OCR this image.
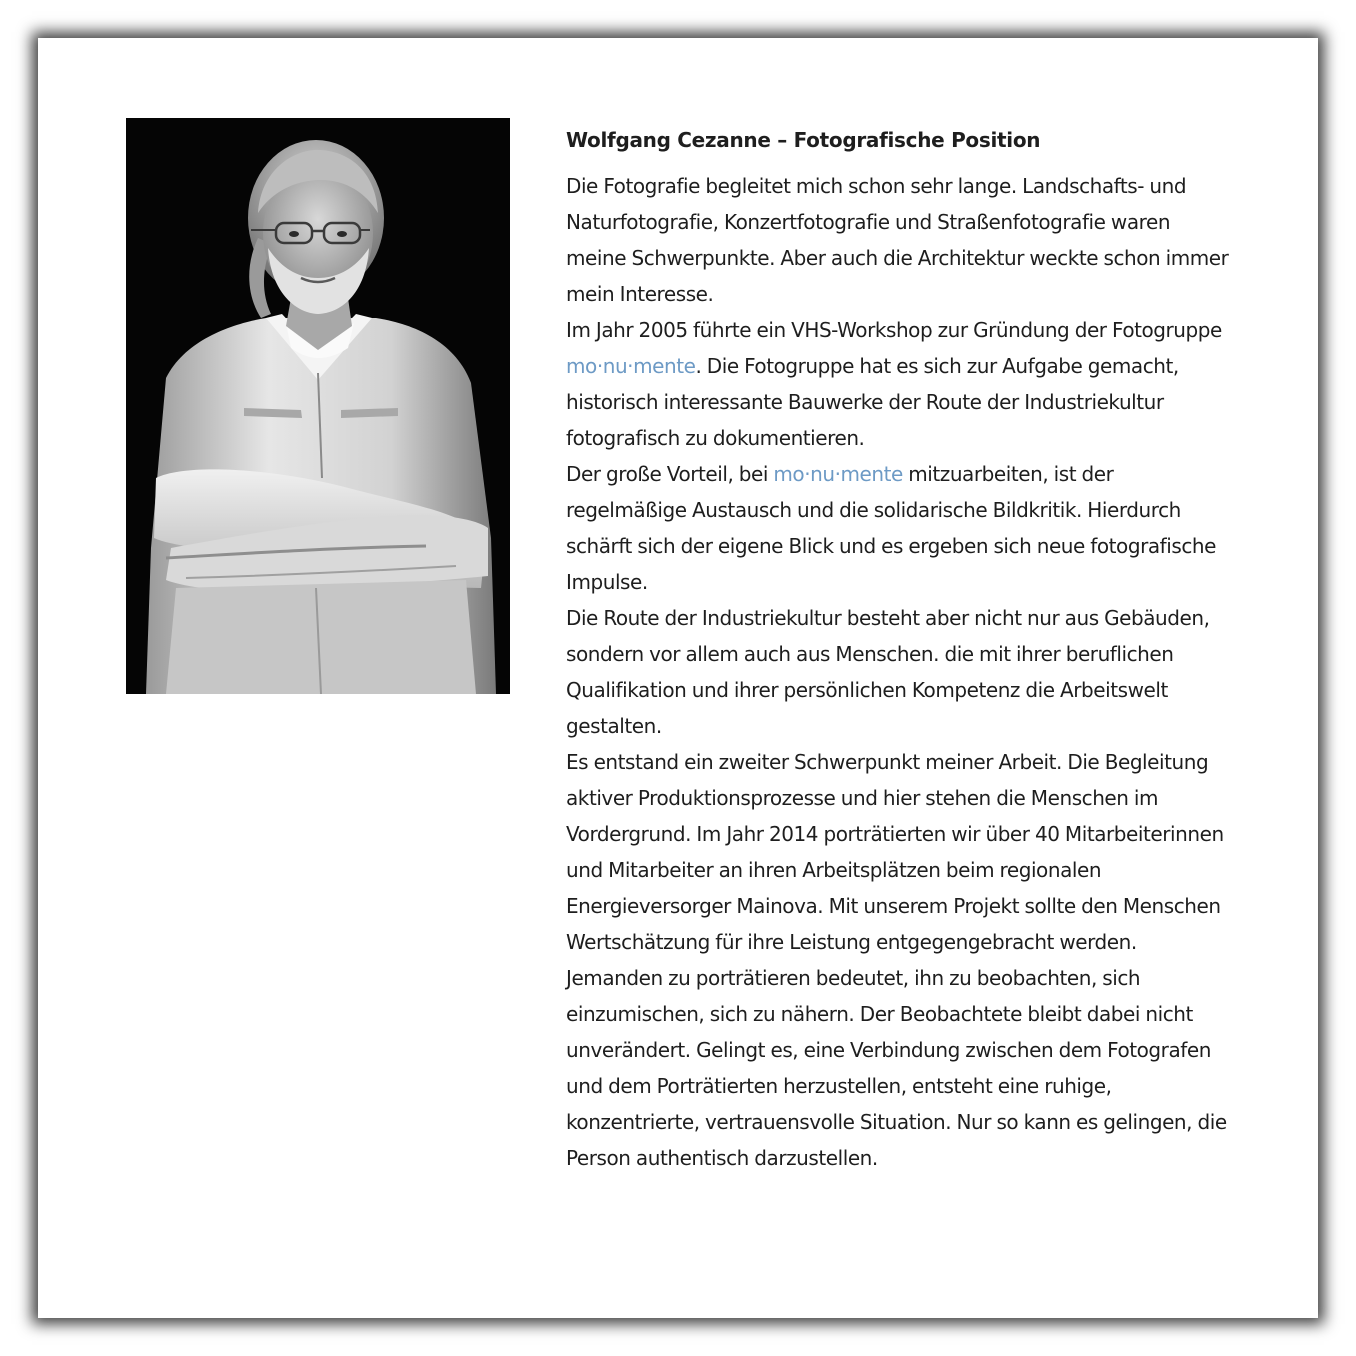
Wolfgang Cezanne – Fotografische Position

Die Fotografie begleitet mich schon sehr lange. Landschafts- und Naturfotografie, Konzertfotografie und Straßenfotografie waren meine Schwerpunkte. Aber auch die Architektur weckte schon immer mein Interesse.
Im Jahr 2005 führte ein VHS-Workshop zur Gründung der Fotogruppe mo·nu·mente. Die Fotogruppe hat es sich zur Aufgabe gemacht, historisch interessante Bauwerke der Route der Industriekultur fotografisch zu dokumentieren.
Der große Vorteil, bei mo·nu·mente mitzuarbeiten, ist der regelmäßige Austausch und die solidarische Bildkritik. Hierdurch schärft sich der eigene Blick und es ergeben sich neue fotografische Impulse.
Die Route der Industriekultur besteht aber nicht nur aus Gebäuden, sondern vor allem auch aus Menschen. die mit ihrer beruflichen Qualifikation und ihrer persönlichen Kompetenz die Arbeitswelt gestalten.
Es entstand ein zweiter Schwerpunkt meiner Arbeit. Die Begleitung aktiver Produktionsprozesse und hier stehen die Menschen im Vordergrund. Im Jahr 2014 porträtierten wir über 40 Mitarbeiterinnen und Mitarbeiter an ihren Arbeitsplätzen beim regionalen Energieversorger Mainova. Mit unserem Projekt sollte den Menschen Wertschätzung für ihre Leistung entgegengebracht werden.
Jemanden zu porträtieren bedeutet, ihn zu beobachten, sich einzumischen, sich zu nähern. Der Beobachtete bleibt dabei nicht unverändert. Gelingt es, eine Verbindung zwischen dem Fotografen und dem Porträtierten herzustellen, entsteht eine ruhige, konzentrierte, vertrauensvolle Situation. Nur so kann es gelingen, die Person authentisch darzustellen.
